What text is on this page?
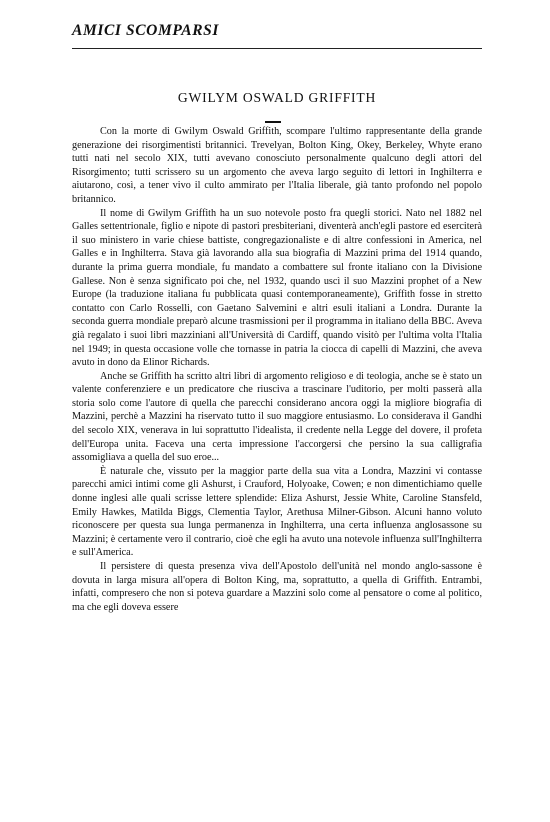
AMICI SCOMPARSI
GWILYM OSWALD GRIFFITH

Con la morte di Gwilym Oswald Griffith, scompare l'ultimo rappresentante della grande generazione dei risorgimentisti britannici. Trevelyan, Bolton King, Okey, Berkeley, Whyte erano tutti nati nel secolo XIX, tutti avevano conosciuto personalmente qualcuno degli attori del Risorgimento; tutti scrissero su un argomento che aveva largo seguito di lettori in Inghilterra e aiutarono, così, a tener vivo il culto ammirato per l'Italia liberale, già tanto profondo nel popolo britannico.

Il nome di Gwilym Griffith ha un suo notevole posto fra quegli storici. Nato nel 1882 nel Galles settentrionale, figlio e nipote di pastori presbiteriani, diventerà anch'egli pastore ed eserciterà il suo ministero in varie chiese battiste, congregazionaliste e di altre confessioni in America, nel Galles e in Inghilterra. Stava già lavorando alla sua biografia di Mazzini prima del 1914 quando, durante la prima guerra mondiale, fu mandato a combattere sul fronte italiano con la Divisione Gallese. Non è senza significato poi che, nel 1932, quando uscì il suo Mazzini prophet of a New Europe (la traduzione italiana fu pubblicata quasi contemporaneamente), Griffith fosse in stretto contatto con Carlo Rosselli, con Gaetano Salvemini e altri esuli italiani a Londra. Durante la seconda guerra mondiale preparò alcune trasmissioni per il programma in italiano della BBC. Aveva già regalato i suoi libri mazziniani all'Università di Cardiff, quando visitò per l'ultima volta l'Italia nel 1949; in questa occasione volle che tornasse in patria la ciocca di capelli di Mazzini, che aveva avuto in dono da Elinor Richards.

Anche se Griffith ha scritto altri libri di argomento religioso e di teologia, anche se è stato un valente conferenziere e un predicatore che riusciva a trascinare l'uditorio, per molti passerà alla storia solo come l'autore di quella che parecchi considerano ancora oggi la migliore biografia di Mazzini, perchè a Mazzini ha riservato tutto il suo maggiore entusiasmo. Lo considerava il Gandhi del secolo XIX, venerava in lui soprattutto l'idealista, il credente nella Legge del dovere, il profeta dell'Europa unita. Faceva una certa impressione l'accorgersi che persino la sua calligrafia assomigliava a quella del suo eroe...

È naturale che, vissuto per la maggior parte della sua vita a Londra, Mazzini vi contasse parecchi amici intimi come gli Ashurst, i Crauford, Holyoake, Cowen; e non dimentichiamo quelle donne inglesi alle quali scrisse lettere splendide: Eliza Ashurst, Jessie White, Caroline Stansfeld, Emily Hawkes, Matilda Biggs, Clementia Taylor, Arethusa Milner-Gibson. Alcuni hanno voluto riconoscere per questa sua lunga permanenza in Inghilterra, una certa influenza anglosassone su Mazzini; è certamente vero il contrario, cioè che egli ha avuto una notevole influenza sull'Inghilterra e sull'America.

Il persistere di questa presenza viva dell'Apostolo dell'unità nel mondo anglo-sassone è dovuta in larga misura all'opera di Bolton King, ma, soprattutto, a quella di Griffith. Entrambi, infatti, compresero che non si poteva guardare a Mazzini solo come al pensatore o come al politico, ma che egli doveva essere
